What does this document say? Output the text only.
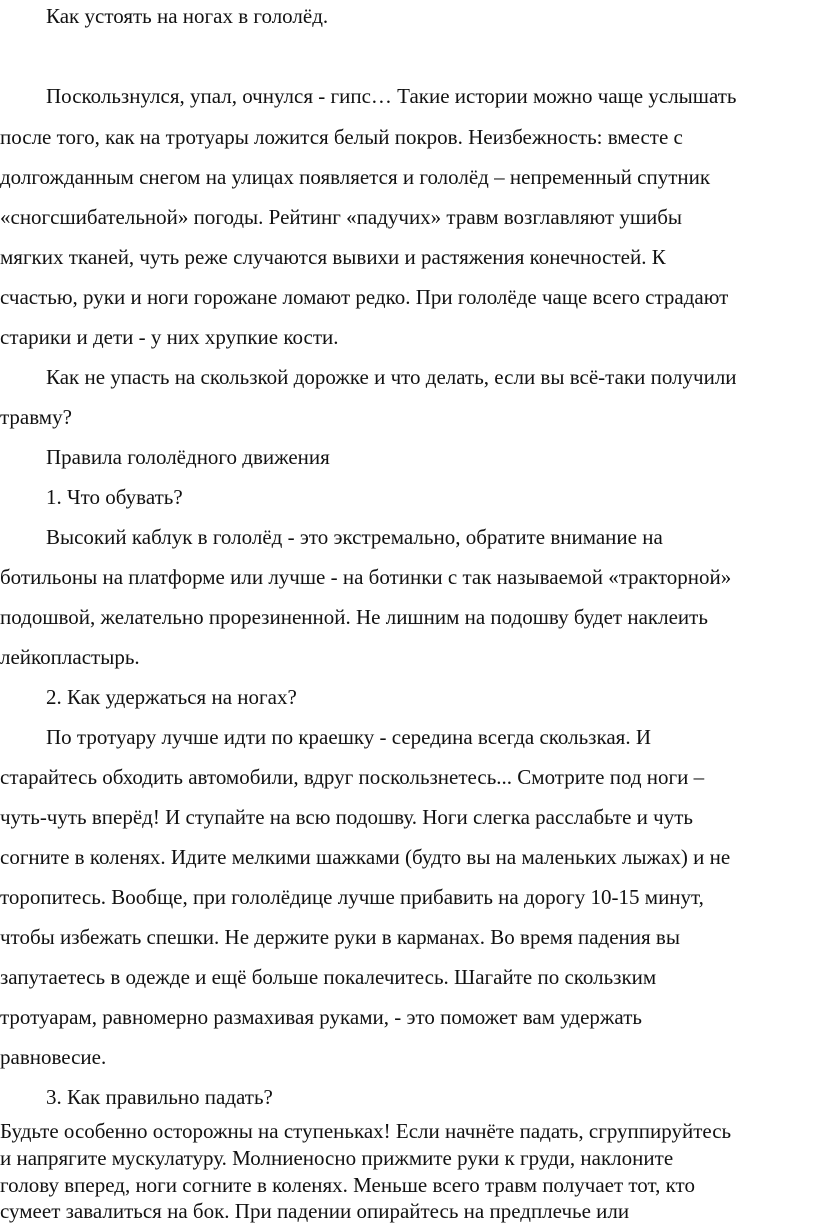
Как устоять на ногах в гололёд.
Поскользнулся, упал, очнулся - гипс… Такие истории можно чаще услышать
после того, как на тротуары ложится белый покров. Неизбежность: вместе с
долгожданным снегом на улицах появляется и гололёд – непременный спутник
«сногсшибательной» погоды. Рейтинг «падучих» травм возглавляют ушибы
мягких тканей, чуть реже случаются вывихи и растяжения конечностей. К
счастью, руки и ноги горожане ломают редко. При гололёде чаще всего страдают
старики и дети - у них хрупкие кости.
Как не упасть на скользкой дорожке и что делать, если вы всё-таки получили
травму?
Правила гололёдного движения
1. Что обувать?
Высокий каблук в гололёд - это экстремально, обратите внимание на
ботильоны на платформе или лучше - на ботинки с так называемой «тракторной»
подошвой, желательно прорезиненной. Не лишним на подошву будет наклеить
лейкопластырь.
2. Как удержаться на ногах?
По тротуару лучше идти по краешку - середина всегда скользкая. И
старайтесь обходить автомобили, вдруг поскользнетесь... Смотрите под ноги –
чуть-чуть вперёд! И ступайте на всю подошву. Ноги слегка расслабьте и чуть
согните в коленях. Идите мелкими шажками (будто вы на маленьких лыжах) и не
торопитесь. Вообще, при гололёдице лучше прибавить на дорогу 10-15 минут,
чтобы избежать спешки. Не держите руки в карманах. Во время падения вы
запутаетесь в одежде и ещё больше покалечитесь. Шагайте по скользким
тротуарам, равномерно размахивая руками, - это поможет вам удержать
равновесие.
3. Как правильно падать?
Будьте особенно осторожны на ступеньках! Если начнёте падать, сгруппируйтесь
и напрягите мускулатуру. Молниеносно прижмите руки к груди, наклоните
голову вперед, ноги согните в коленях. Меньше всего травм получает тот, кто
сумеет завалиться на бок. При падении опирайтесь на предплечье или
